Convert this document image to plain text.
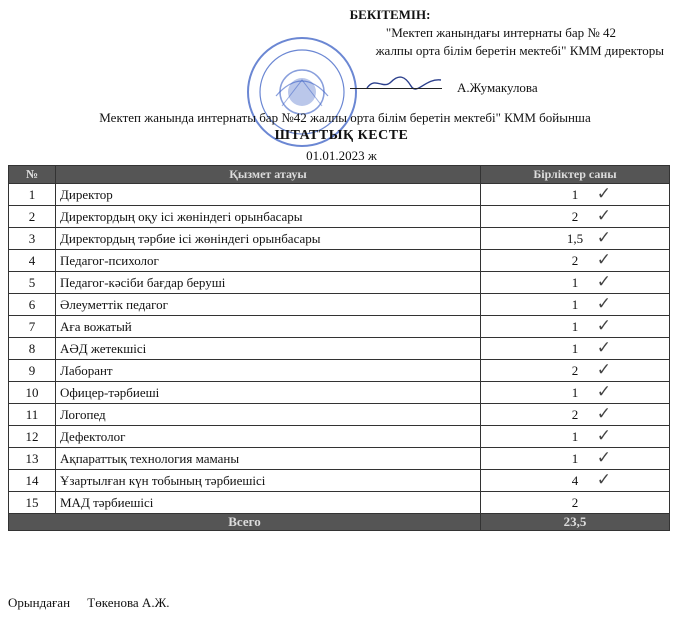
БЕКІТЕМІН:
"Мектеп жанындағы интернаты бар № 42
жалпы орта білім беретін мектебі" КММ директоры
А.Жумакулова
Мектеп жанында интернаты бар №42 жалпы орта білім беретін мектебі" КММ бойынша
ШТАТТЫҚ КЕСТЕ
01.01.2023 ж
№	Қызмет атауы	Бірліктер саны
1	Директор	1 ✓

2	Директордың оқу ісі жөніндегі орынбасары	2 ✓

3	Директордың тәрбие ісі жөніндегі орынбасары	1,5 ✓

4	Педагог-психолог	2 ✓

5	Педагог-кәсіби бағдар беруші	1 ✓

6	Әлеуметтік педагог	1 ✓

7	Аға вожатый	1 ✓

8	АӘД жетекшісі	1 ✓

9	Лаборант	2 ✓

10	Офицер-тәрбиеші	1 ✓

11	Логопед	2 ✓

12	Дефектолог	1 ✓

13	Ақпараттық технология маманы	1 ✓

14	Ұзартылған күн тобының тәрбиешісі	4 ✓

15	МАД тәрбиешісі	2
Всего		23,5
Орындаған Төкенова А.Ж.
